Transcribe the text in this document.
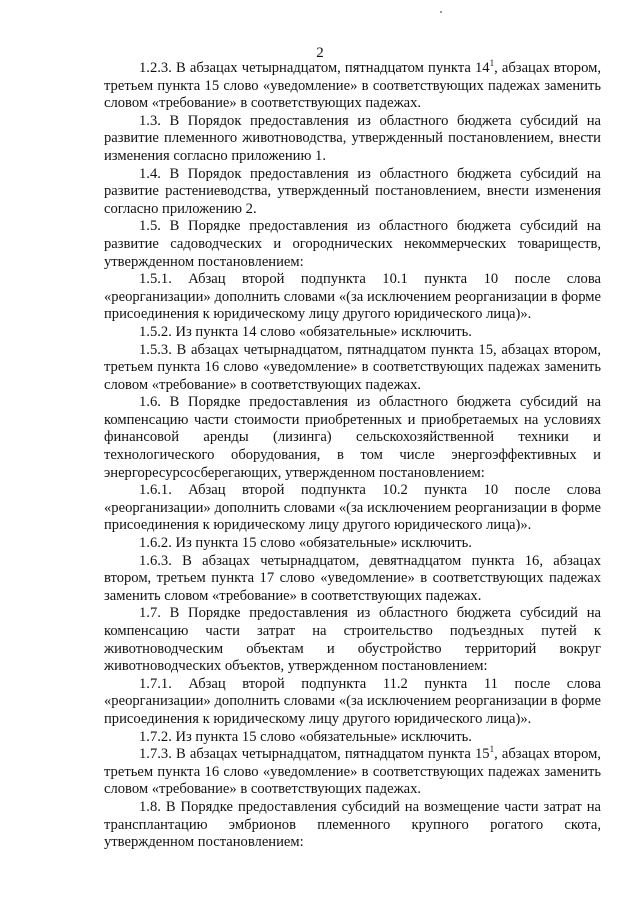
2

1.2.3. В абзацах четырнадцатом, пятнадцатом пункта $14^1$, абзацах втором, третьем пункта 15 слово «уведомление» в соответствующих падежах заменить словом «требование» в соответствующих падежах.

1.3. В Порядок предоставления из областного бюджета субсидий на развитие племенного животноводства, утвержденный постановлением, внести изменения согласно приложению 1.

1.4. В Порядок предоставления из областного бюджета субсидий на развитие растениеводства, утвержденный постановлением, внести изменения согласно приложению 2.

1.5. В Порядке предоставления из областного бюджета субсидий на развитие садоводческих и огороднических некоммерческих товариществ, утвержденном постановлением:

1.5.1. Абзац второй подпункта 10.1 пункта 10 после слова «реорганизации» дополнить словами «(за исключением реорганизации в форме присоединения к юридическому лицу другого юридического лица)».

1.5.2. Из пункта 14 слово «обязательные» исключить.

1.5.3. В абзацах четырнадцатом, пятнадцатом пункта 15, абзацах втором, третьем пункта 16 слово «уведомление» в соответствующих падежах заменить словом «требование» в соответствующих падежах.

1.6. В Порядке предоставления из областного бюджета субсидий на компенсацию части стоимости приобретенных и приобретаемых на условиях финансовой аренды (лизинга) сельскохозяйственной техники и технологического оборудования, в том числе энергоэффективных и энергоресурсосберегающих, утвержденном постановлением:

1.6.1. Абзац второй подпункта 10.2 пункта 10 после слова «реорганизации» дополнить словами «(за исключением реорганизации в форме присоединения к юридическому лицу другого юридического лица)».

1.6.2. Из пункта 15 слово «обязательные» исключить.

1.6.3. В абзацах четырнадцатом, девятнадцатом пункта 16, абзацах втором, третьем пункта 17 слово «уведомление» в соответствующих падежах заменить словом «требование» в соответствующих падежах.

1.7. В Порядке предоставления из областного бюджета субсидий на компенсацию части затрат на строительство подъездных путей к животноводческим объектам и обустройство территорий вокруг животноводческих объектов, утвержденном постановлением:

1.7.1. Абзац второй подпункта 11.2 пункта 11 после слова «реорганизации» дополнить словами «(за исключением реорганизации в форме присоединения к юридическому лицу другого юридического лица)».

1.7.2. Из пункта 15 слово «обязательные» исключить.

1.7.3. В абзацах четырнадцатом, пятнадцатом пункта $15^1$, абзацах втором, третьем пункта 16 слово «уведомление» в соответствующих падежах заменить словом «требование» в соответствующих падежах.

1.8. В Порядке предоставления субсидий на возмещение части затрат на трансплантацию эмбрионов племенного крупного рогатого скота, утвержденном постановлением:
